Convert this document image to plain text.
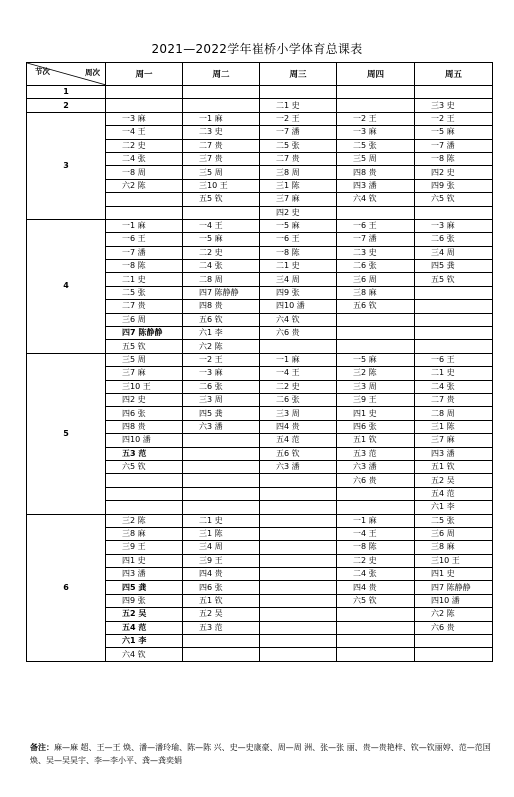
2021—2022学年崔桥小学体育总课表
节次 周次	周一	周二	周三	周四	周五
1					
2			二1 史		三3 史
3	一3 麻	一1 麻	一2 王	一2 王	一2 王
	一4 王	二3 史	一7 潘	一3 麻	一5 麻
	二2 史	二7 贵	二5 张	二5 张	一7 潘
	二4 张	三7 贵	二7 贵	三5 周	一8 陈
	一8 周	三5 周	三8 周	四8 贵	四2 史
	六2 陈	三10 王	三1 陈	四3 潘	四9 张
		五5 钦	三7 麻	六4 钦	六5 钦
			四2 史		
4	一1 麻	一4 王	一5 麻	一6 王	一3 麻
	一6 王	一5 麻	一6 王	一7 潘	二6 张
	一7 潘	二2 史	一8 陈	二3 史	三4 周
	一8 陈	二4 张	二1 史	二6 张	四5 龚
	二1 史	二8 周	三4 周	三6 周	五5 钦
	二5 张	四7 陈静静	四9 张	三8 麻	
	二7 贵	四8 贵	四10 潘	五6 钦	
	三6 周	五6 钦	六4 钦		
	四7 陈静静	六1 李	六6 贵		
	五5 钦	六2 陈			
5	三5 周	一2 王	一1 麻	一5 麻	一6 王
	三7 麻	一3 麻	一4 王	三2 陈	二1 史
	三10 王	二6 张	二2 史	三3 周	二4 张
	四2 史	三3 周	二6 张	三9 王	二7 贵
	四6 张	四5 龚	三3 周	四1 史	二8 周
	四8 贵	六3 潘	四4 贵	四6 张	三1 陈
	四10 潘		五4 范	五1 钦	三7 麻
	五3 范		五6 钦	五3 范	四3 潘
	六5 钦		六3 潘	六3 潘	五1 钦
				六6 贵	五2 吴
					五4 范
					六1 李
6	三2 陈	二1 史		一1 麻	二5 张
	三8 麻	三1 陈		一4 王	三6 周
	三9 王	三4 周		一8 陈	三8 麻
	四1 史	三9 王		二2 史	三10 王
	四3 潘	四4 贵		二4 张	四1 史
	四5 龚	四6 张		四4 贵	四7 陈静静
	四9 张	五1 钦		六5 钦	四10 潘
	五2 吴	五2 吴			六2 陈
	五4 范	五3 范			六6 贵
	六1 李				
	六4 钦				
备注：麻—麻 超、王—王 焕、潘—潘玲瑜、陈—陈 兴、史—史康豪、周—周 洲、张—张 丽、贵—贵艳梓、钦—钦丽婷、范—范国焕、吴—吴昊宇、李—李小平、龚—龚奕娟
